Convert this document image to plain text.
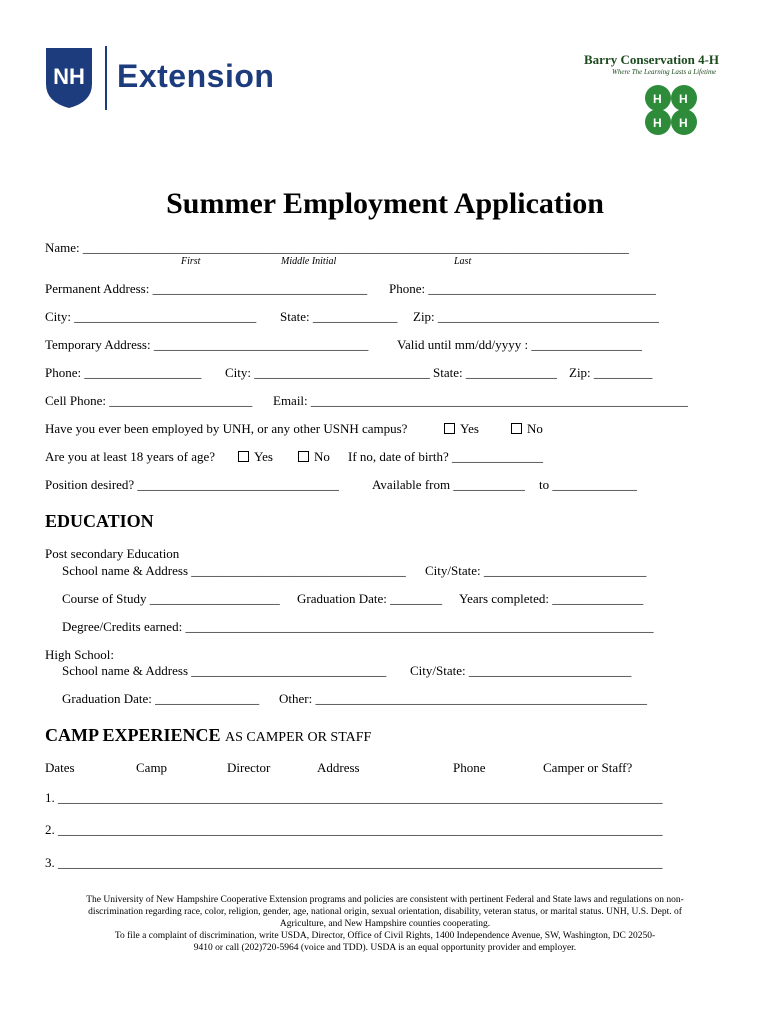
NH Extension	Barry Conservation 4-H
Where The Learning Lasts a Lifetime
H H
H H
Summer Employment Application
Name: ____________________________________________________________________________________
First	Middle Initial	Last
Permanent Address: _________________________________ Phone: ___________________________________
City: ____________________________ State: _____________ Zip: __________________________________
Temporary Address: _________________________________ Valid until mm/dd/yyyy : _________________
Phone: __________________ City: ___________________________ State: ______________ Zip: _________
Cell Phone: ______________________ Email: __________________________________________________________
Have you ever been employed by UNH, or any other USNH campus?	Yes	No
Are you at least 18 years of age?	Yes	No If no, date of birth? ______________
Position desired? _______________________________	Available from ___________ to _____________
EDUCATION
Post secondary Education
School name & Address _________________________________ City/State: _________________________
Course of Study ____________________ Graduation Date: ________ Years completed: ______________
Degree/Credits earned: ________________________________________________________________________
High School:
School name & Address ______________________________ City/State: _________________________
Graduation Date: ________________ Other: ___________________________________________________
CAMP EXPERIENCE AS CAMPER OR STAFF
Dates	Camp	Director	Address	Phone	Camper or Staff?
1. _____________________________________________________________________________________________
2. _____________________________________________________________________________________________
3. _____________________________________________________________________________________________
The University of New Hampshire Cooperative Extension programs and policies are consistent with pertinent Federal and State laws and regulations on non-discrimination regarding race, color, religion, gender, age, national origin, sexual orientation, disability, veteran status, or marital status. UNH, U.S. Dept. of Agriculture, and New Hampshire counties cooperating.
To file a complaint of discrimination, write USDA, Director, Office of Civil Rights, 1400 Independence Avenue, SW, Washington, DC 20250-9410 or call (202)720-5964 (voice and TDD). USDA is an equal opportunity provider and employer.
